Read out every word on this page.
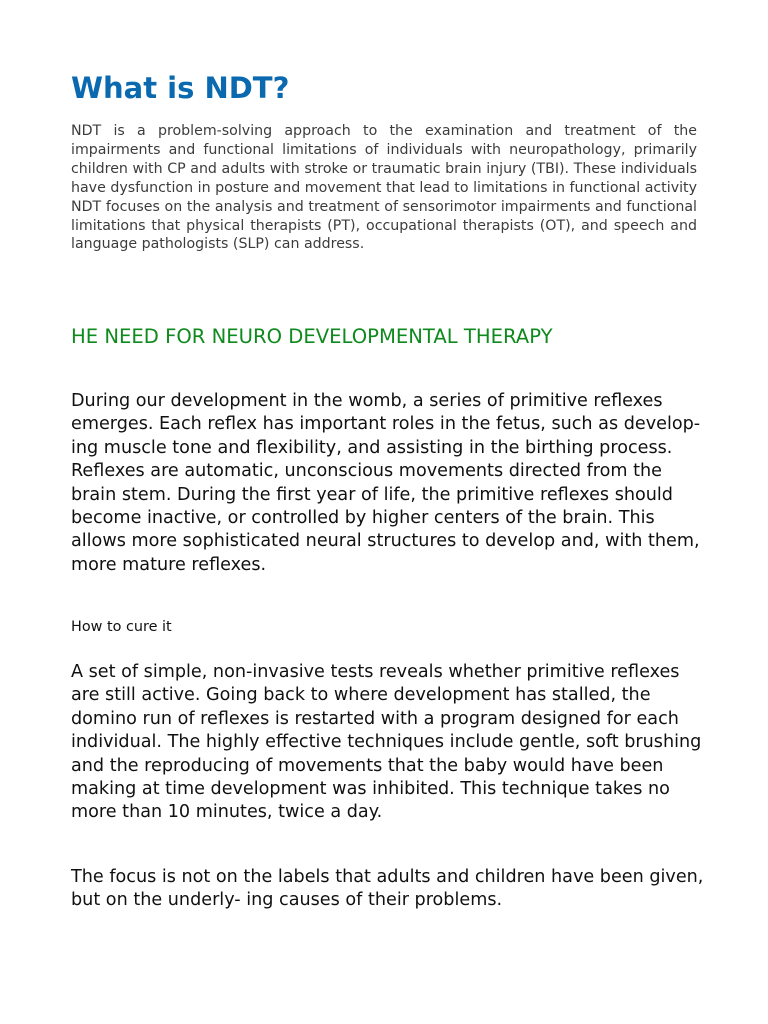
What is NDT?

NDT is a problem-solving approach to the examination and treatment of the impairments and functional limitations of individuals with neuropathology, primarily children with CP and adults with stroke or traumatic brain injury (TBI). These individuals have dysfunction in posture and movement that lead to limitations in functional activity NDT focuses on the analysis and treatment of sensorimotor impairments and functional limitations that physical therapists (PT), occupational therapists (OT), and speech and language pathologists (SLP) can address.

HE NEED FOR NEURO DEVELOPMENTAL THERAPY

During our development in the womb, a series of primitive reflexes emerges. Each reflex has important roles in the fetus, such as develop- ing muscle tone and flexibility, and assisting in the birthing process. Reflexes are automatic, unconscious movements directed from the brain stem. During the first year of life, the primitive reflexes should become inactive, or controlled by higher centers of the brain. This allows more sophisticated neural structures to develop and, with them, more mature reflexes.

How to cure it

A set of simple, non-invasive tests reveals whether primitive reflexes are still active. Going back to where development has stalled, the domino run of reflexes is restarted with a program designed for each individual. The highly effective techniques include gentle, soft brushing and the reproducing of movements that the baby would have been making at time development was inhibited. This technique takes no more than 10 minutes, twice a day.

The focus is not on the labels that adults and children have been given, but on the underly- ing causes of their problems.
